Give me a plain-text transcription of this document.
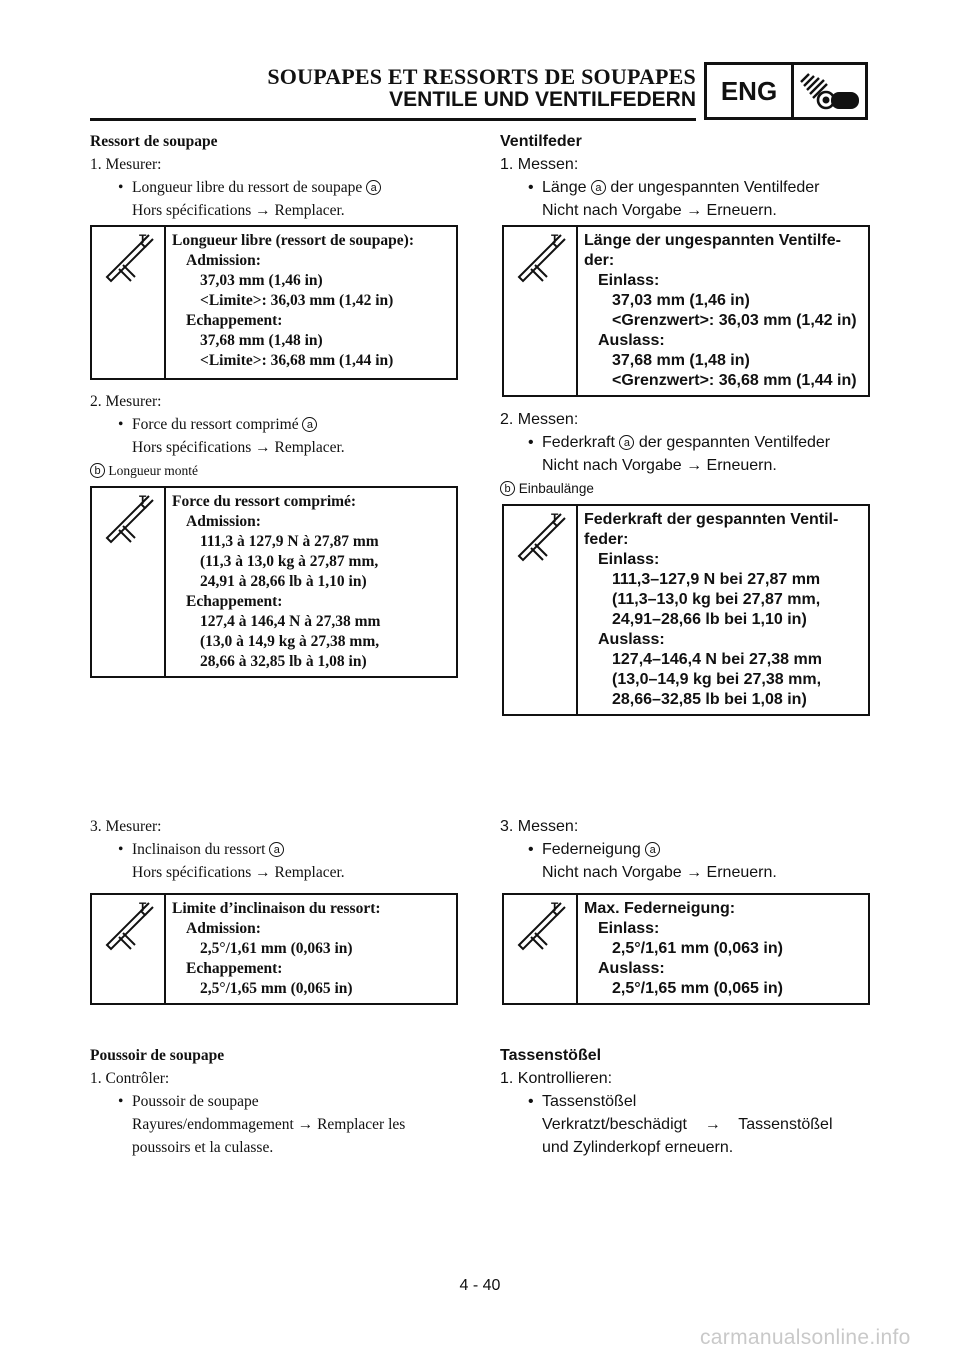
SOUPAPES ET RESSORTS DE SOUPAPES
VENTILE UND VENTILFEDERN ENG
Ressort de soupape
1. Mesurer:
• Longueur libre du ressort de soupape a
Hors spécifications → Remplacer.
T Longueur libre (ressort de soupape):
Admission:
37,03 mm (1,46 in)
<Limite>: 36,03 mm (1,42 in)
Echappement:
37,68 mm (1,48 in)
<Limite>: 36,68 mm (1,44 in)
2. Mesurer:
• Force du ressort comprimé a
Hors spécifications → Remplacer.
b Longueur monté
T Force du ressort comprimé:
Admission:
111,3 à 127,9 N à 27,87 mm
(11,3 à 13,0 kg à 27,87 mm,
24,91 à 28,66 lb à 1,10 in)
Echappement:
127,4 à 146,4 N à 27,38 mm
(13,0 à 14,9 kg à 27,38 mm,
28,66 à 32,85 lb à 1,08 in)
3. Mesurer:
• Inclinaison du ressort a
Hors spécifications → Remplacer.
T Limite d’inclinaison du ressort:
Admission:
2,5°/1,61 mm (0,063 in)
Echappement:
2,5°/1,65 mm (0,065 in)
Poussoir de soupape
1. Contrôler:
• Poussoir de soupape
Rayures/endommagement → Remplacer les
poussoirs et la culasse.
Ventilfeder
1. Messen:
• Länge a der ungespannten Ventilfeder
Nicht nach Vorgabe → Erneuern.
T Länge der ungespannten Ventilfe-
der:
Einlass:
37,03 mm (1,46 in)
<Grenzwert>: 36,03 mm (1,42 in)
Auslass:
37,68 mm (1,48 in)
<Grenzwert>: 36,68 mm (1,44 in)
2. Messen:
• Federkraft a der gespannten Ventilfeder
Nicht nach Vorgabe → Erneuern.
b Einbaulänge
T Federkraft der gespannten Ventil-
feder:
Einlass:
111,3–127,9 N bei 27,87 mm
(11,3–13,0 kg bei 27,87 mm,
24,91–28,66 lb bei 1,10 in)
Auslass:
127,4–146,4 N bei 27,38 mm
(13,0–14,9 kg bei 27,38 mm,
28,66–32,85 lb bei 1,08 in)
3. Messen:
• Federneigung a
Nicht nach Vorgabe → Erneuern.
T Max. Federneigung:
Einlass:
2,5°/1,61 mm (0,063 in)
Auslass:
2,5°/1,65 mm (0,065 in)
Tassenstößel
1. Kontrollieren:
• Tassenstößel
Verkratzt/beschädigt    →    Tassenstößel
und Zylinderkopf erneuern.
4 - 40
carmanualsonline.info
